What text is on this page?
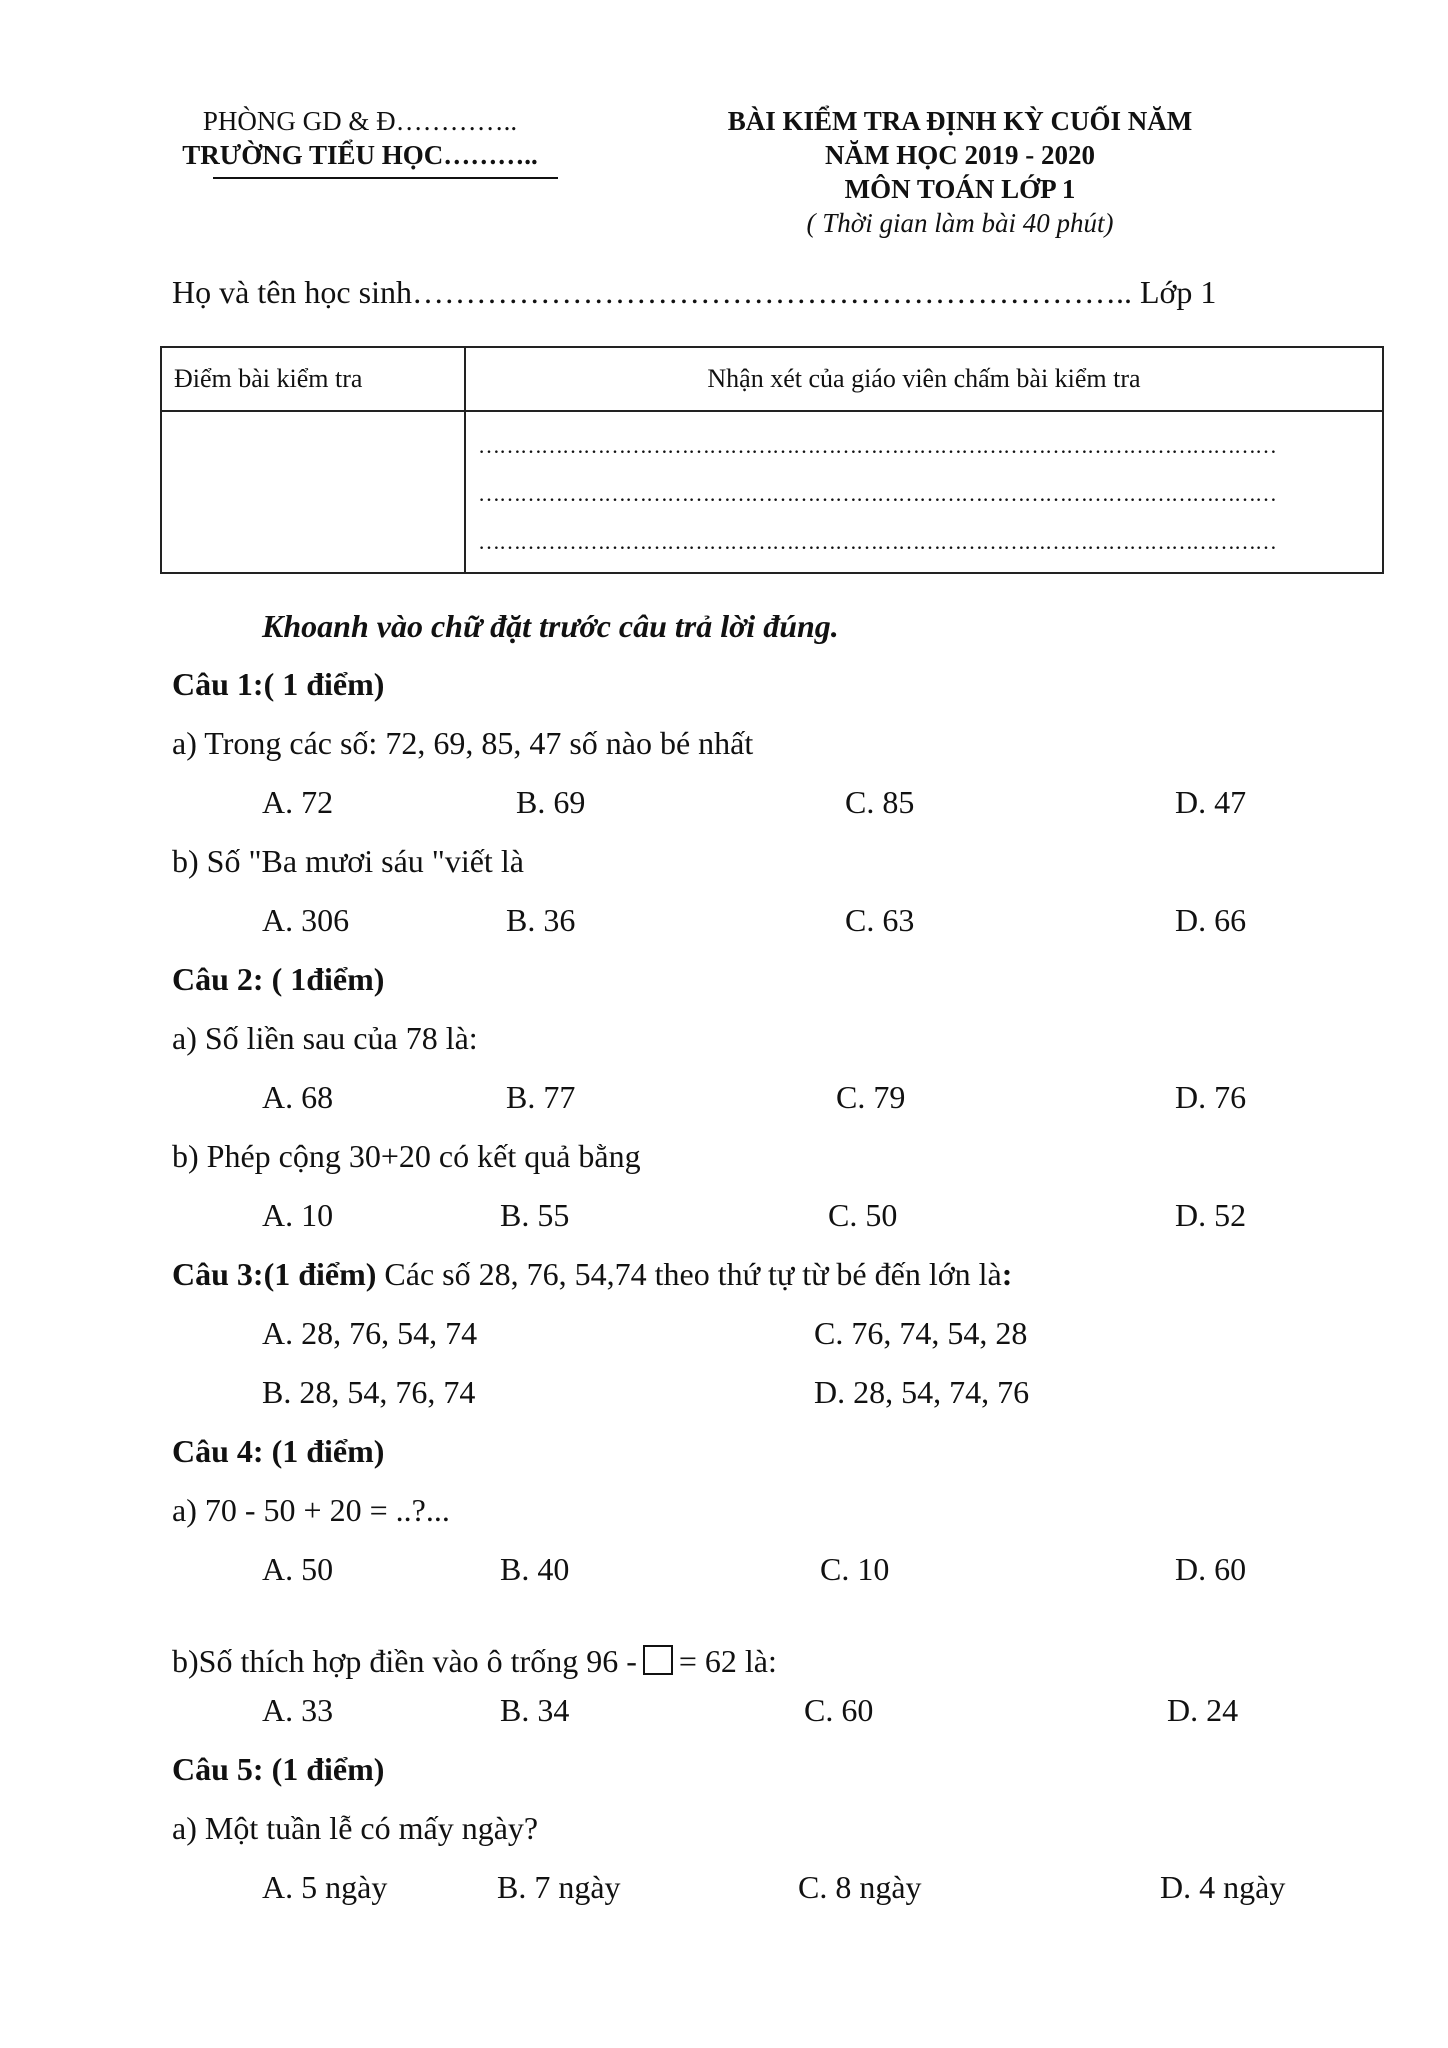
PHÒNG GD & Đ…………..
TRƯỜNG TIỂU HỌC………..
BÀI KIỂM TRA ĐỊNH KỲ CUỐI NĂM
NĂM HỌC 2019 - 2020
MÔN TOÁN LỚP 1
( Thời gian làm bài 40 phút)
Họ và tên học sinh………………………………………………………….. Lớp 1
Điểm bài kiểm tra	Nhận xét của giáo viên chấm bài kiểm tra

	……………………………………………………………………………………………………
……………………………………………………………………………………………………
……………………………………………………………………………………………………
Khoanh vào chữ đặt trước câu trả lời đúng.
Câu 1:( 1 điểm)
a) Trong các số: 72, 69, 85, 47 số nào bé nhất
A. 72	B. 69	C. 85	D. 47
b) Số "Ba mươi sáu "viết là
A. 306	B. 36	C. 63	D. 66
Câu 2: ( 1điểm)
a) Số liền sau của 78 là:
A. 68	B. 77	C. 79	D. 76
b) Phép cộng 30+20 có kết quả bằng
A. 10	B. 55	C. 50	D. 52
Câu 3:(1 điểm) Các số 28, 76, 54,74 theo thứ tự từ bé đến lớn là:
A. 28, 76, 54, 74	C. 76, 74, 54, 28
B. 28, 54, 76, 74	D. 28, 54, 74, 76
Câu 4: (1 điểm)
a) 70 - 50 + 20 = ..?...
A. 50	B. 40	C. 10	D. 60
b)Số thích hợp điền vào ô trống 96 - = 62 là:
A. 33	B. 34	C. 60	D. 24
Câu 5: (1 điểm)
a) Một tuần lễ có mấy ngày?
A. 5 ngày	B. 7 ngày	C. 8 ngày	D. 4 ngày
